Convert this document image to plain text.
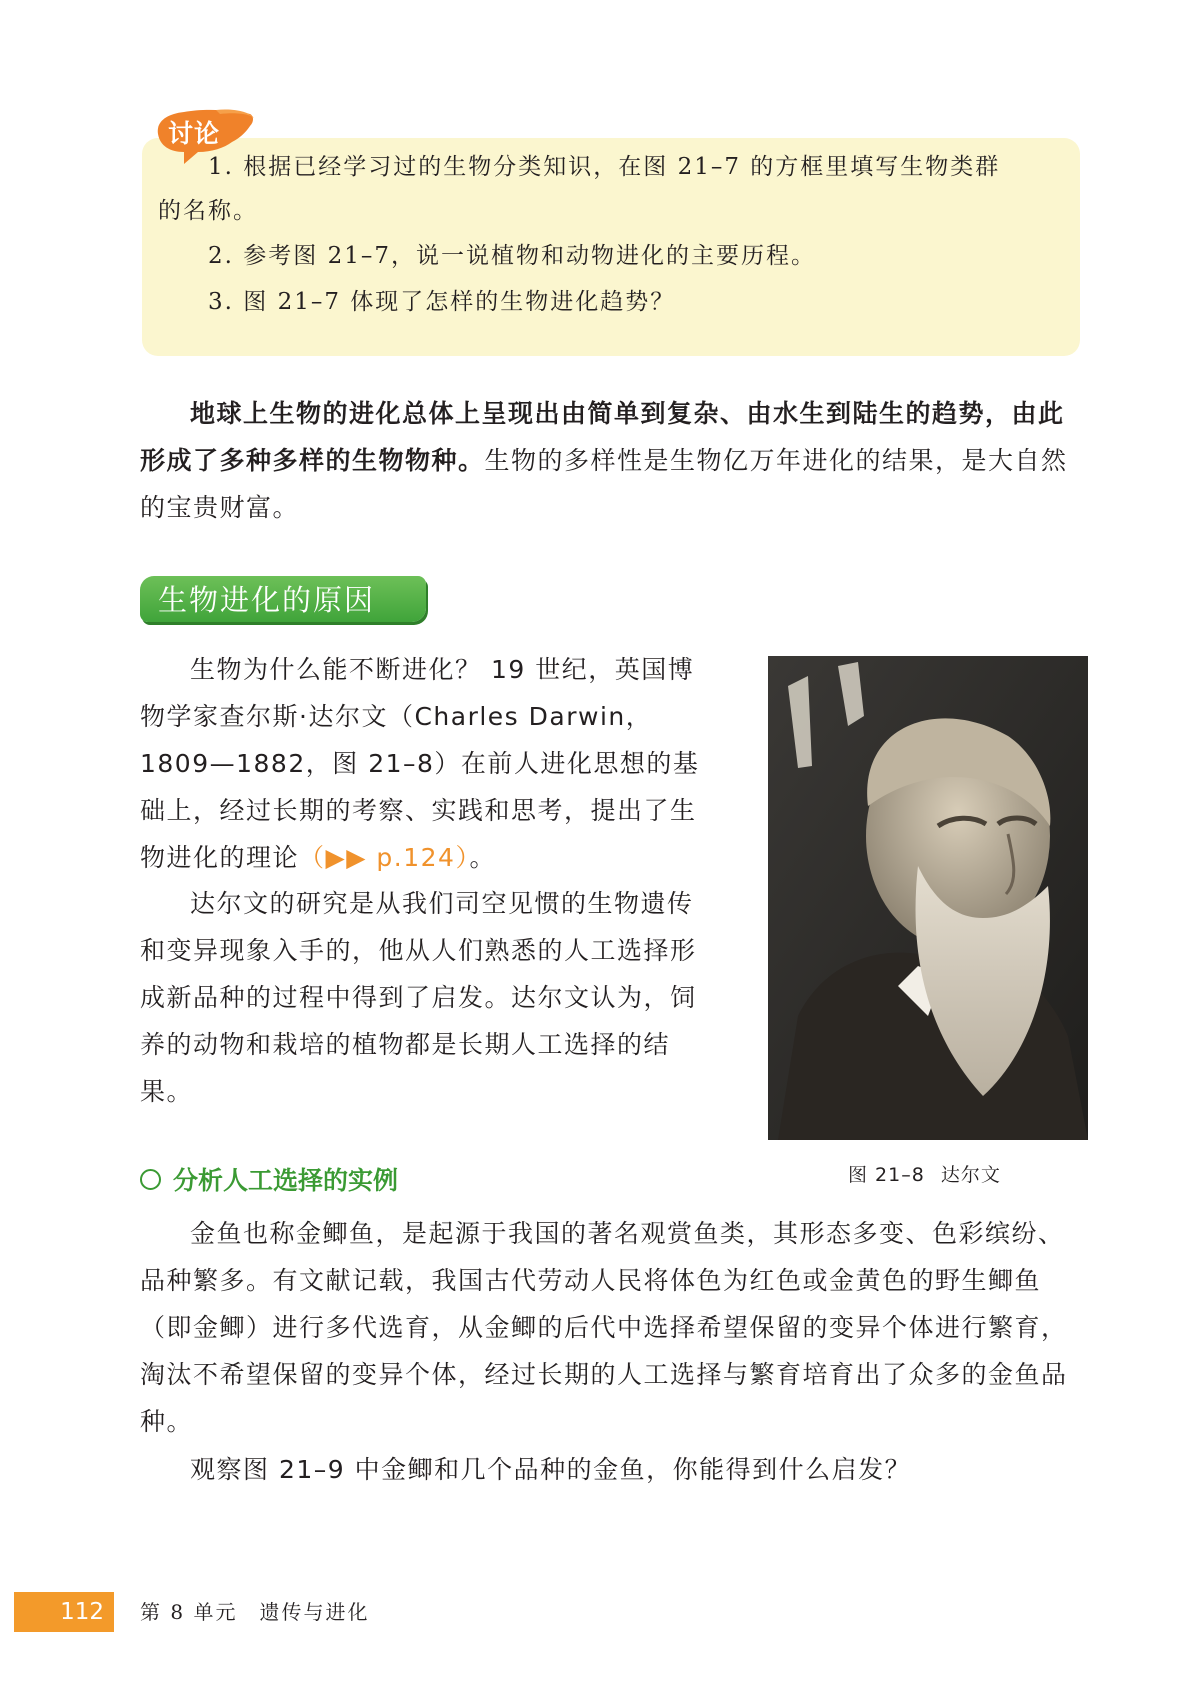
讨论
1. 根据已经学习过的生物分类知识，在图 21–7 的方框里填写生物类群
的名称。
2. 参考图 21–7，说一说植物和动物进化的主要历程。
3. 图 21–7 体现了怎样的生物进化趋势？
地球上生物的进化总体上呈现出由简单到复杂、由水生到陆生的趋势，由此形成了多种多样的生物物种。生物的多样性是生物亿万年进化的结果，是大自然的宝贵财富。
生物进化的原因
生物为什么能不断进化？ 19 世纪，英国博物学家查尔斯·达尔文（Charles Darwin，1809—1882，图 21–8）在前人进化思想的基础上，经过长期的考察、实践和思考，提出了生物进化的理论（▶▶ p.124）。
达尔文的研究是从我们司空见惯的生物遗传和变异现象入手的，他从人们熟悉的人工选择形成新品种的过程中得到了启发。达尔文认为，饲养的动物和栽培的植物都是长期人工选择的结果。
图 21–8 达尔文
分析人工选择的实例
金鱼也称金鲫鱼，是起源于我国的著名观赏鱼类，其形态多变、色彩缤纷、品种繁多。有文献记载，我国古代劳动人民将体色为红色或金黄色的野生鲫鱼（即金鲫）进行多代选育，从金鲫的后代中选择希望保留的变异个体进行繁育，淘汰不希望保留的变异个体，经过长期的人工选择与繁育培育出了众多的金鱼品种。
观察图 21–9 中金鲫和几个品种的金鱼，你能得到什么启发？
112 第 8 单元 遗传与进化
